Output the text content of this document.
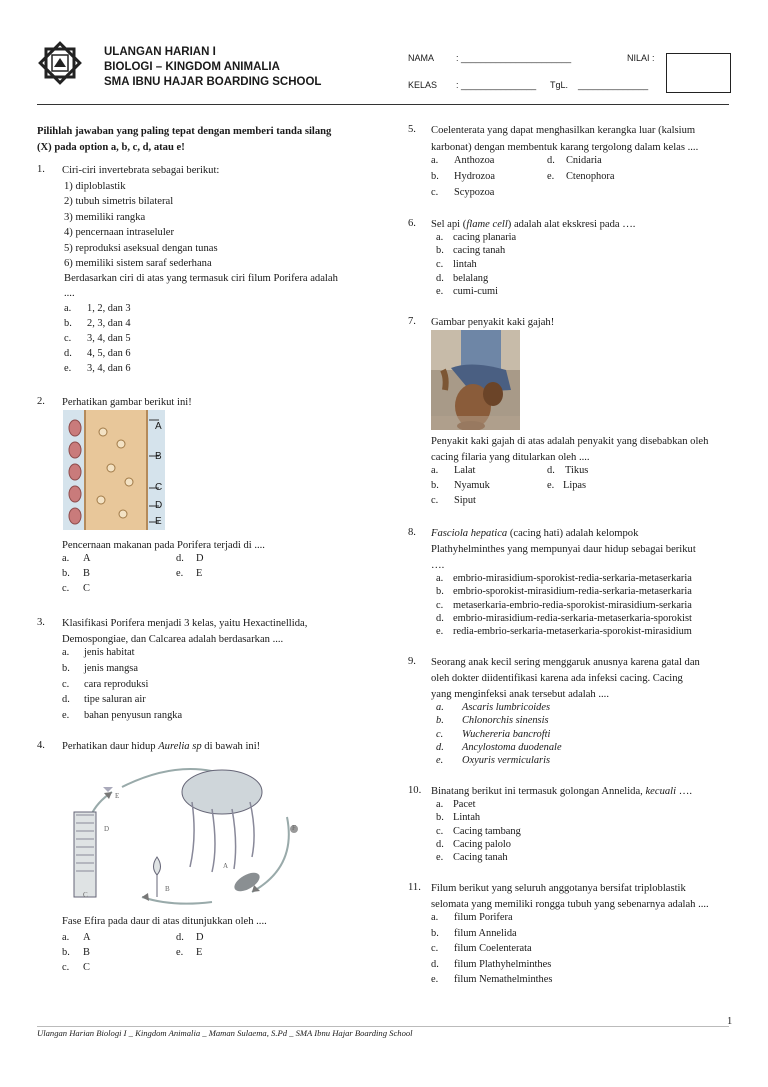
ULANGAN HARIAN I
BIOLOGI – KINGDOM ANIMALIA
SMA IBNU HAJAR BOARDING SCHOOL
NAMA : ______________________
KELAS : _______________ TgL. ______________
NILAI :
Pilihlah jawaban yang paling tepat dengan memberi tanda silang
(X) pada option a, b, c, d, atau e!
1. Ciri-ciri invertebrata sebagai berikut:
1) diploblastik
2) tubuh simetris bilateral
3) memiliki rangka
4) pencernaan intraseluler
5) reproduksi aseksual dengan tunas
6) memiliki sistem saraf sederhana
Berdasarkan ciri di atas yang termasuk ciri filum Porifera adalah
....
a. 1, 2, dan 3
b. 2, 3, dan 4
c. 3, 4, dan 5
d. 4, 5, dan 6
e. 3, 4, dan 6
2. Perhatikan gambar berikut ini!
A
B
C
D
E
Pencernaan makanan pada Porifera terjadi di ....
a. A	d. D
b. B	e. E
c. C
3. Klasifikasi Porifera menjadi 3 kelas, yaitu Hexactinellida,
Demospongiae, dan Calcarea adalah berdasarkan ....
a. jenis habitat
b. jenis mangsa
c. cara reproduksi
d. tipe saluran air
e. bahan penyusun rangka
4. Perhatikan daur hidup Aurelia sp di bawah ini!
E
F
D
A
B
C
Fase Efira pada daur di atas ditunjukkan oleh ....
a. A	d. D
b. B	e. E
c. C
5. Coelenterata yang dapat menghasilkan kerangka luar (kalsium
karbonat) dengan membentuk karang tergolong dalam kelas ....
a. Anthozoa	d. Cnidaria
b. Hydrozoa	e. Ctenophora
c. Scypozoa
6. Sel api (flame cell) adalah alat ekskresi pada ….
a. cacing planaria
b. cacing tanah
c. lintah
d. belalang
e. cumi-cumi
7. Gambar penyakit kaki gajah!
Penyakit kaki gajah di atas adalah penyakit yang disebabkan oleh
cacing filaria yang ditularkan oleh ....
a. Lalat	d. Tikus
b. Nyamuk	e. Lipas
c. Siput
8. Fasciola hepatica (cacing hati) adalah kelompok
Plathyhelminthes yang mempunyai daur hidup sebagai berikut
….
a. embrio-mirasidium-sporokist-redia-serkaria-metaserkaria
b. embrio-sporokist-mirasidium-redia-serkaria-metaserkaria
c. metaserkaria-embrio-redia-sporokist-mirasidium-serkaria
d. embrio-mirasidium-redia-serkaria-metaserkaria-sporokist
e. redia-embrio-serkaria-metaserkaria-sporokist-mirasidium
9. Seorang anak kecil sering menggaruk anusnya karena gatal dan
oleh dokter diidentifikasi karena ada infeksi cacing. Cacing
yang menginfeksi anak tersebut adalah ....
a. Ascaris lumbricoides
b. Chlonorchis sinensis
c. Wuchereria bancrofti
d. Ancylostoma duodenale
e. Oxyuris vermicularis
10. Binatang berikut ini termasuk golongan Annelida, kecuali ….
a. Pacet
b. Lintah
c. Cacing tambang
d. Cacing palolo
e. Cacing tanah
11. Filum berikut yang seluruh anggotanya bersifat triploblastik
selomata yang memiliki rongga tubuh yang sebenarnya adalah ....
a. filum Porifera
b. filum Annelida
c. filum Coelenterata
d. filum Plathyhelminthes
e. filum Nemathelminthes
1
Ulangan Harian Biologi I _ Kingdom Animalia _ Maman Sulaema, S.Pd _ SMA Ibnu Hajar Boarding School
